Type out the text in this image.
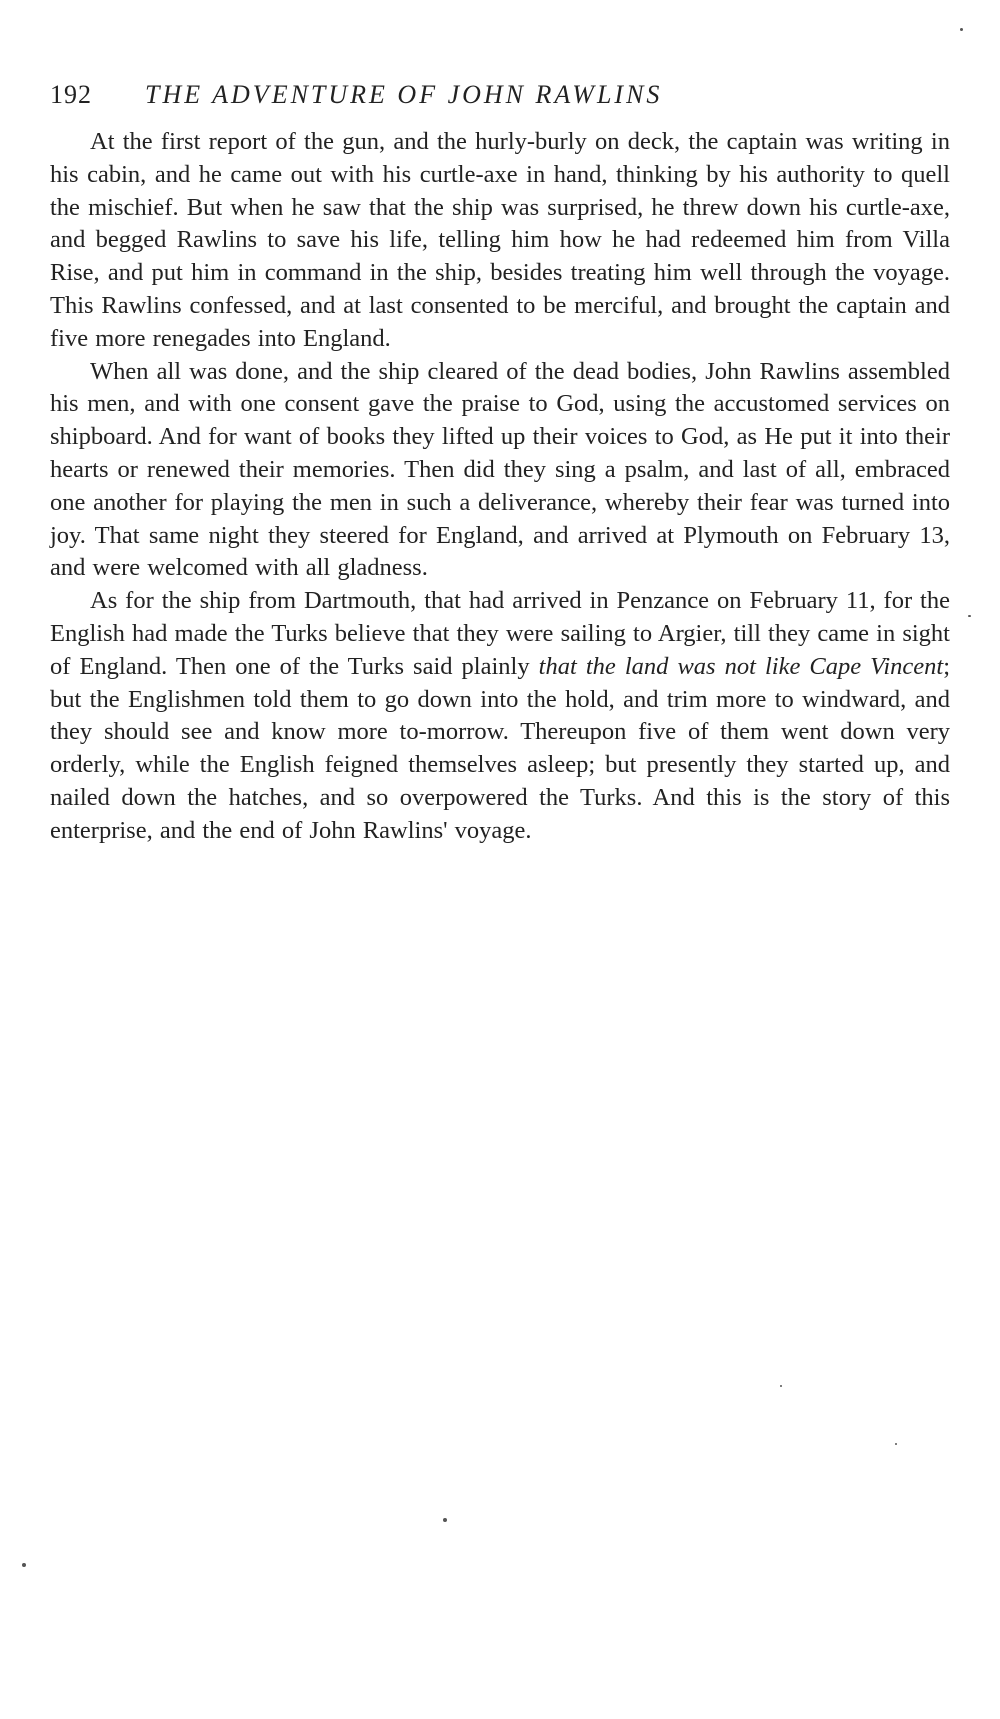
192	THE ADVENTURE OF JOHN RAWLINS

At the first report of the gun, and the hurly-burly on deck, the captain was writing in his cabin, and he came out with his curtle-axe in hand, thinking by his authority to quell the mischief. But when he saw that the ship was surprised, he threw down his curtle-axe, and begged Rawlins to save his life, telling him how he had redeemed him from Villa Rise, and put him in command in the ship, besides treating him well through the voyage. This Rawlins confessed, and at last consented to be merciful, and brought the captain and five more renegades into England.

When all was done, and the ship cleared of the dead bodies, John Rawlins assembled his men, and with one consent gave the praise to God, using the accustomed services on shipboard. And for want of books they lifted up their voices to God, as He put it into their hearts or renewed their memories. Then did they sing a psalm, and last of all, embraced one another for playing the men in such a deliverance, whereby their fear was turned into joy. That same night they steered for England, and arrived at Plymouth on February 13, and were welcomed with all gladness.

As for the ship from Dartmouth, that had arrived in Penzance on February 11, for the English had made the Turks believe that they were sailing to Argier, till they came in sight of England. Then one of the Turks said plainly that the land was not like Cape Vincent; but the Englishmen told them to go down into the hold, and trim more to windward, and they should see and know more to-morrow. Thereupon five of them went down very orderly, while the English feigned themselves asleep; but presently they started up, and nailed down the hatches, and so overpowered the Turks. And this is the story of this enterprise, and the end of John Rawlins' voyage.
